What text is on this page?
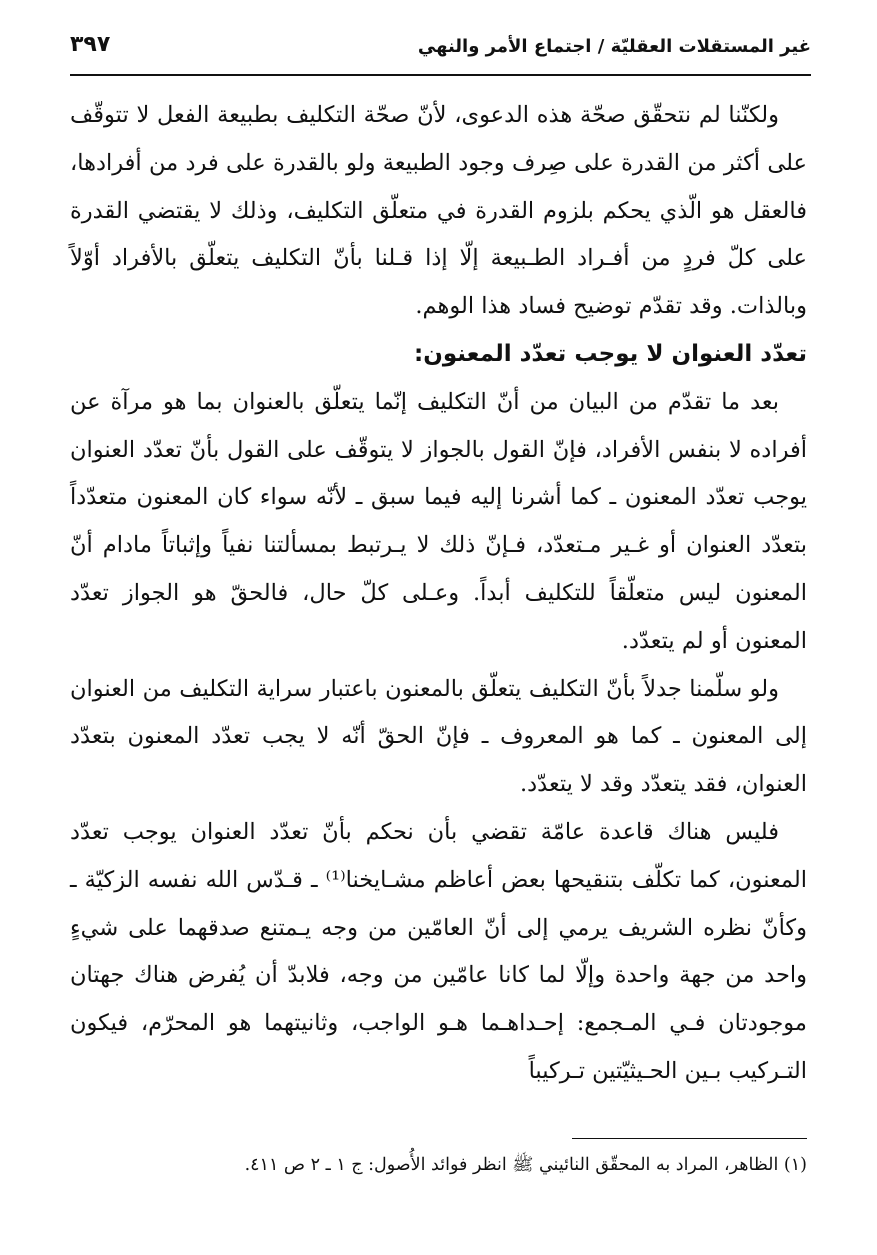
غير المستقلات العقليّة / اجتماع الأمر والنهي
٣٩٧

ولكنّنا لم نتحقّق صحّة هذه الدعوى، لأنّ صحّة التكليف بطبيعة الفعل لا تتوقّف على أكثر من القدرة على صِرف وجود الطبيعة ولو بالقدرة على فرد من أفرادها، فالعقل هو الّذي يحكم بلزوم القدرة في متعلّق التكليف، وذلك لا يقتضي القدرة على كلّ فردٍ من أفـراد الطـبيعة إلّا إذا قـلنا بأنّ التكليف يتعلّق بالأفراد أوّلاً وبالذات. وقد تقدّم توضيح فساد هذا الوهم.

تعدّد العنوان لا يوجب تعدّد المعنون:

بعد ما تقدّم من البيان من أنّ التكليف إنّما يتعلّق بالعنوان بما هو مرآة عن أفراده لا بنفس الأفراد، فإنّ القول بالجواز لا يتوقّف على القول بأنّ تعدّد العنوان يوجب تعدّد المعنون ـ كما أشرنا إليه فيما سبق ـ لأنّه سواء كان المعنون متعدّداً بتعدّد العنوان أو غـير مـتعدّد، فـإنّ ذلك لا يـرتبط بمسألتنا نفياً وإثباتاً مادام أنّ المعنون ليس متعلّقاً للتكليف أبداً. وعـلى كلّ حال، فالحقّ هو الجواز تعدّد المعنون أو لم يتعدّد.

ولو سلّمنا جدلاً بأنّ التكليف يتعلّق بالمعنون باعتبار سراية التكليف من العنوان إلى المعنون ـ كما هو المعروف ـ فإنّ الحقّ أنّه لا يجب تعدّد المعنون بتعدّد العنوان، فقد يتعدّد وقد لا يتعدّد.

فليس هناك قاعدة عامّة تقضي بأن نحكم بأنّ تعدّد العنوان يوجب تعدّد المعنون، كما تكلّف بتنقيحها بعض أعاظم مشـايخنا⁽¹⁾ ـ قـدّس الله نفسه الزكيّة ـ وكأنّ نظره الشريف يرمي إلى أنّ العامّين من وجه يـمتنع صدقهما على شيءٍ واحد من جهة واحدة وإلّا لما كانا عامّين من وجه، فلابدّ أن يُفرض هناك جهتان موجودتان فـي المـجمع: إحـداهـما هـو الواجب، وثانيتهما هو المحرّم، فيكون التـركيب بـين الحـيثيّتين تـركيباً

(١) الظاهر، المراد به المحقّق النائيني ﷺ انظر فوائد الأُصول: ج ١ ـ ٢ ص ٤١١.
